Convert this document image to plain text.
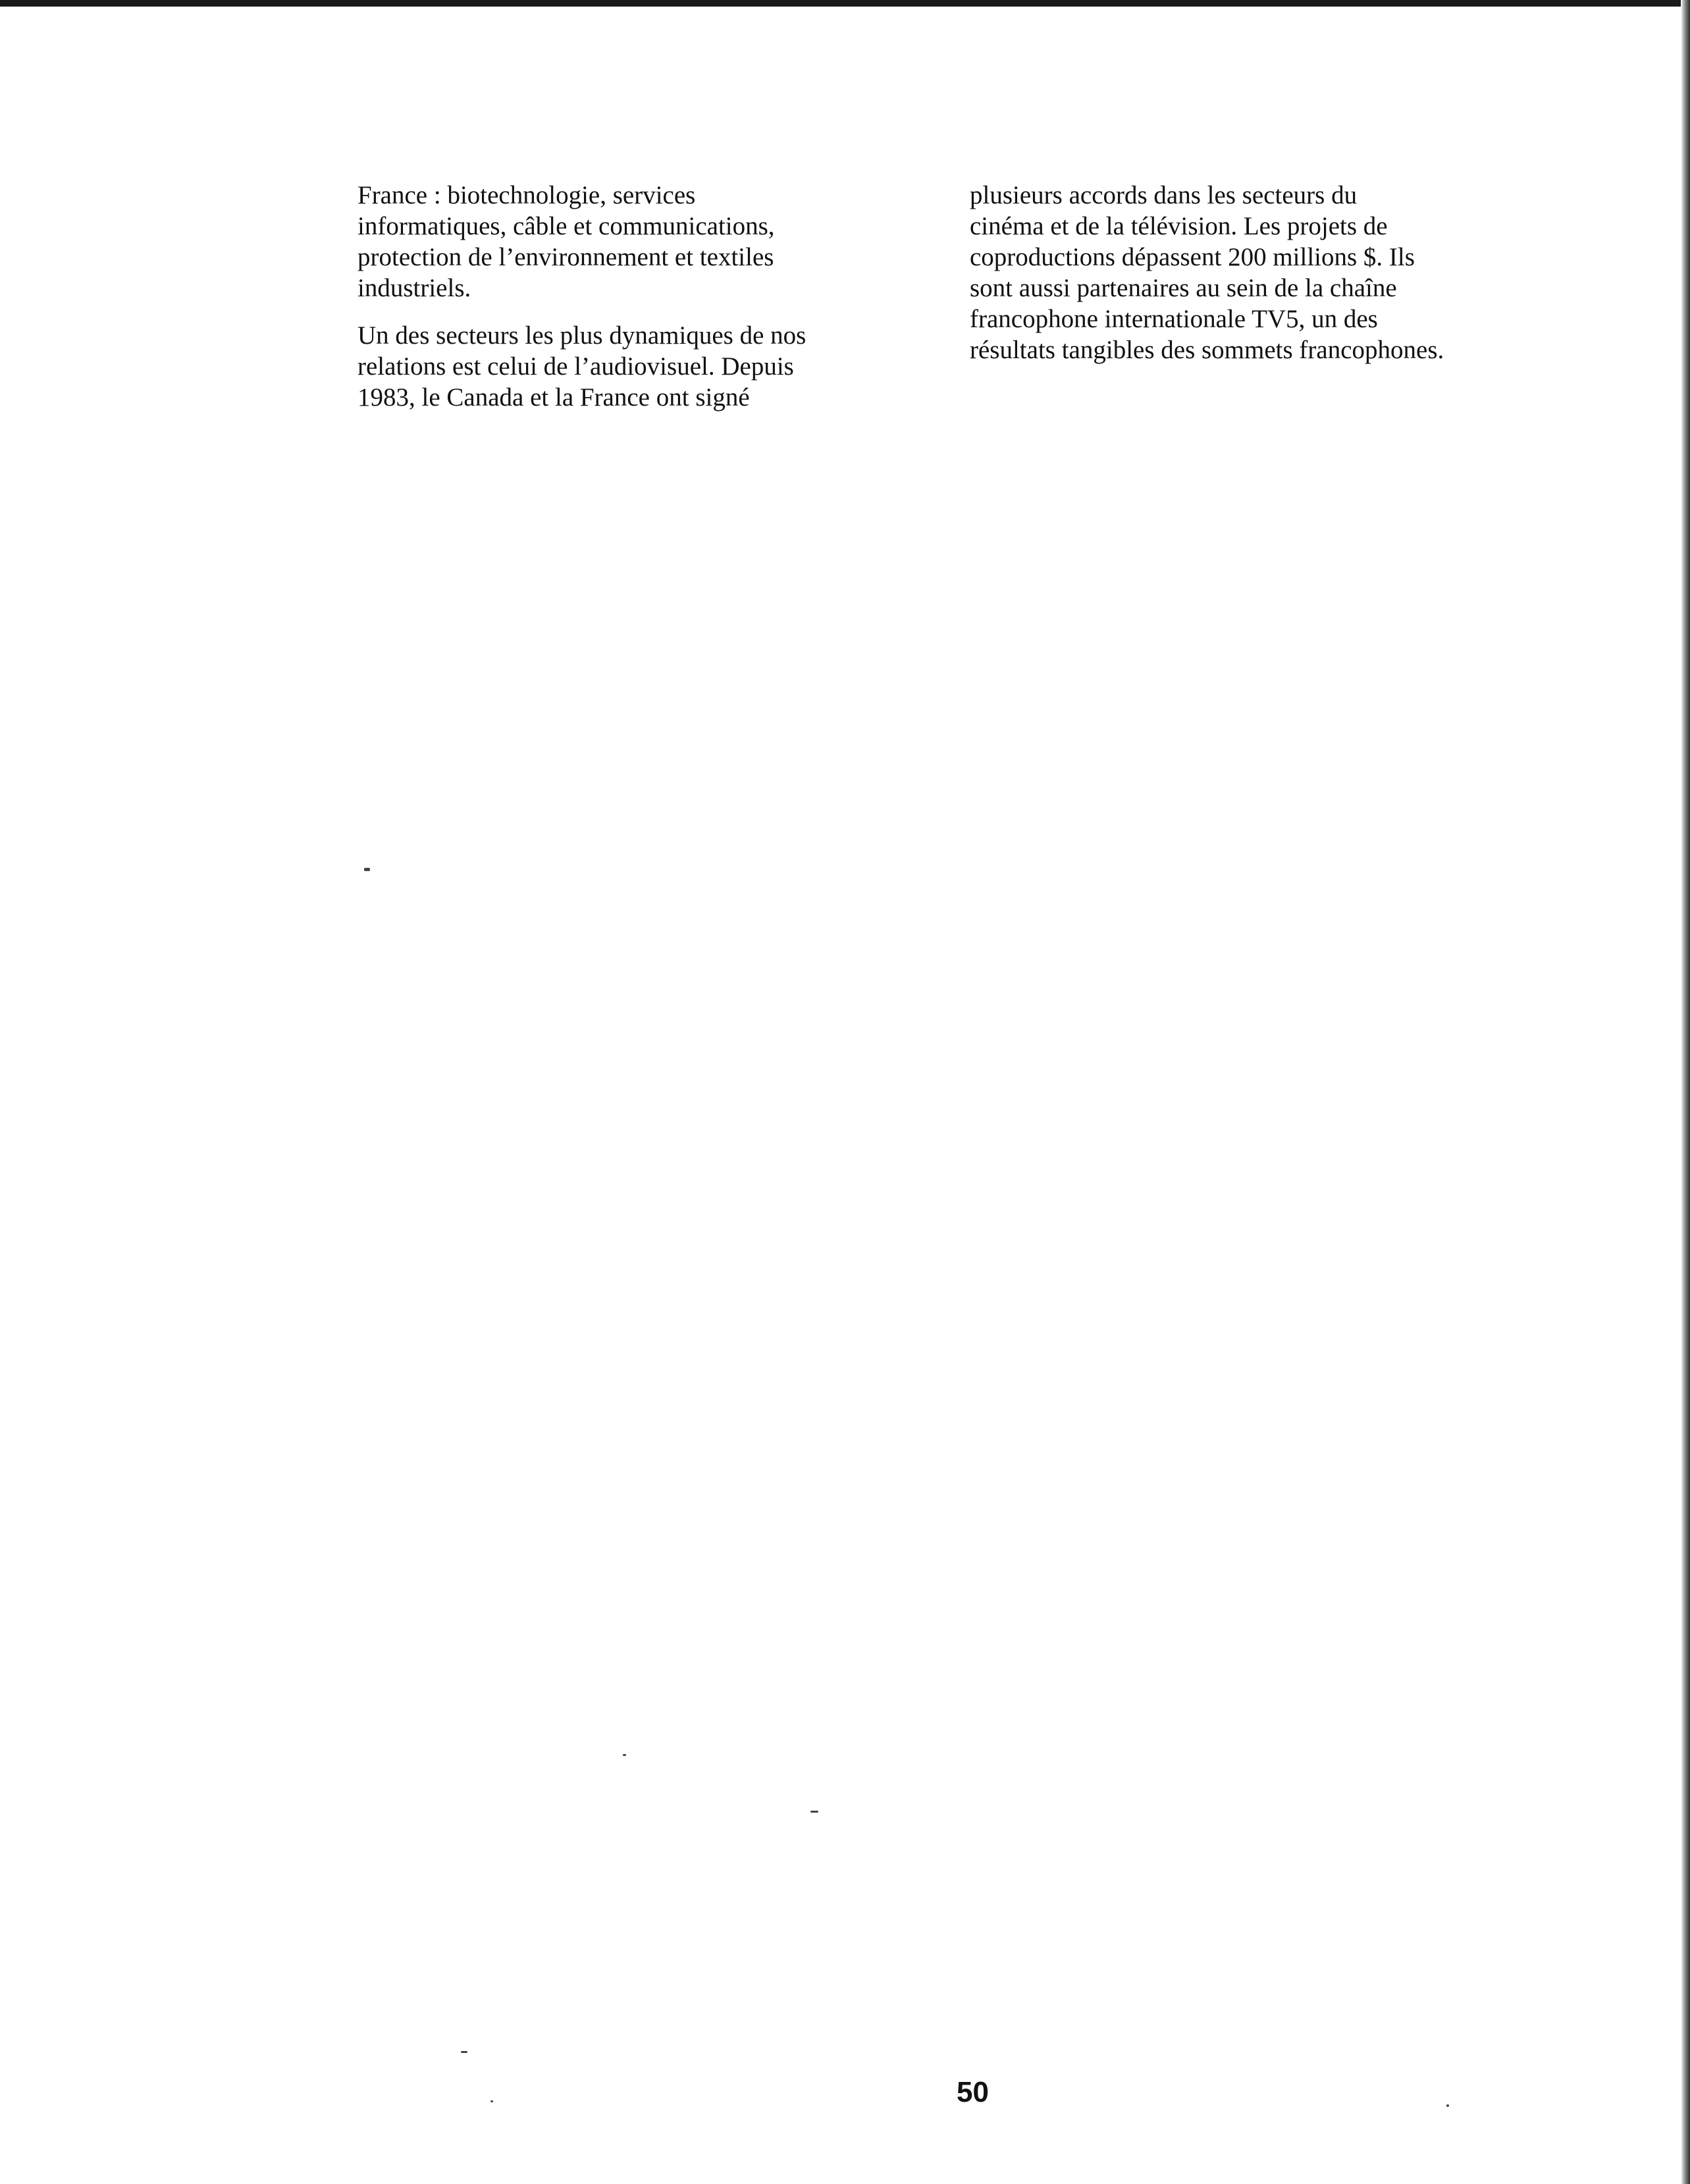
France : biotechnologie, services
informatiques, câble et communications,
protection de l’environnement et textiles
industriels.

Un des secteurs les plus dynamiques de nos
relations est celui de l’audiovisuel. Depuis
1983, le Canada et la France ont signé

plusieurs accords dans les secteurs du
cinéma et de la télévision. Les projets de
coproductions dépassent 200 millions $. Ils
sont aussi partenaires au sein de la chaîne
francophone internationale TV5, un des
résultats tangibles des sommets francophones.

50
